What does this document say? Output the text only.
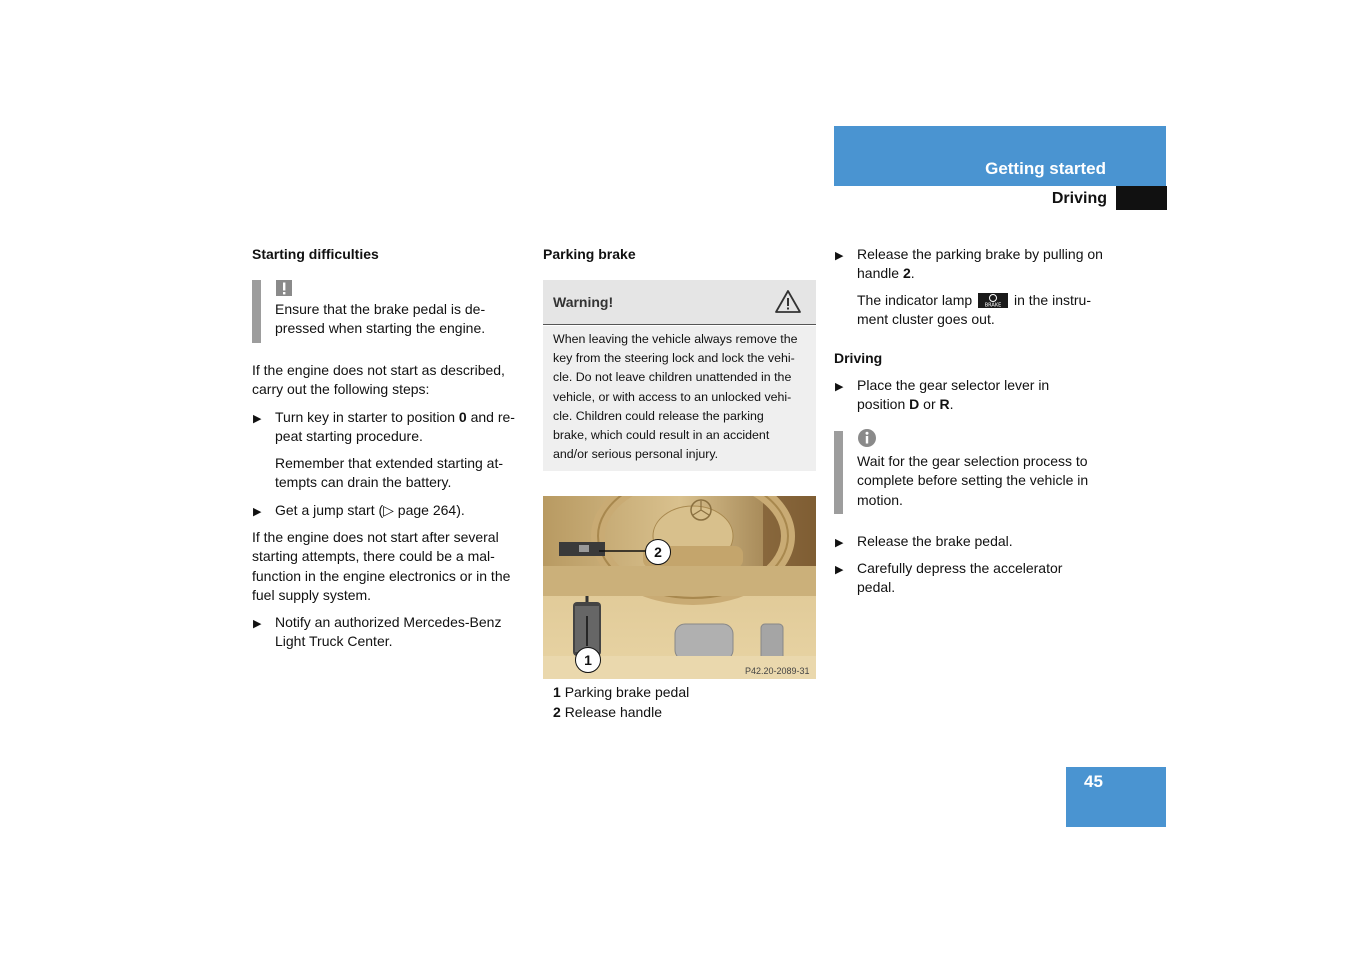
Getting started
Driving
Starting difficulties
Ensure that the brake pedal is de-
pressed when starting the engine.
If the engine does not start as described,
carry out the following steps:
▶ Turn key in starter to position 0 and re-
peat starting procedure.
Remember that extended starting at-
tempts can drain the battery.
▶ Get a jump start (▷ page 264).
If the engine does not start after several
starting attempts, there could be a mal-
function in the engine electronics or in the
fuel supply system.
▶ Notify an authorized Mercedes-Benz
Light Truck Center.
Parking brake
Warning!
When leaving the vehicle always remove the
key from the steering lock and lock the vehi-
cle. Do not leave children unattended in the
vehicle, or with access to an unlocked vehi-
cle. Children could release the parking
brake, which could result in an accident
and/or serious personal injury.
2
1
P42.20-2089-31
1 Parking brake pedal
2 Release handle
▶ Release the parking brake by pulling on
handle 2.
The indicator lamp BRAKE in the instru-
ment cluster goes out.
Driving
▶ Place the gear selector lever in
position D or R.
Wait for the gear selection process to
complete before setting the vehicle in
motion.
▶ Release the brake pedal.
▶ Carefully depress the accelerator
pedal.
45
